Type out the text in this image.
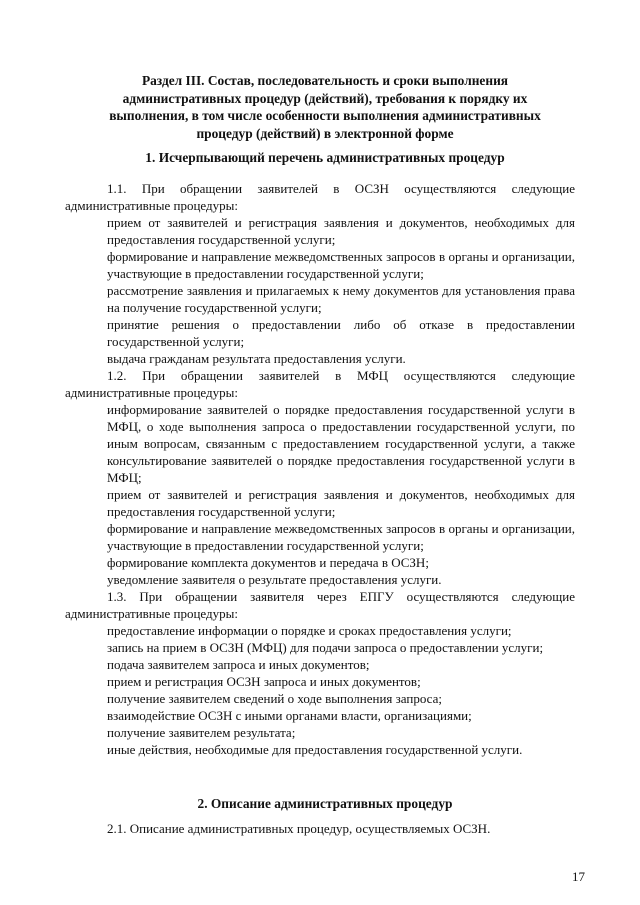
Раздел III. Состав, последовательность и сроки выполнения
административных процедур (действий), требования к порядку их
выполнения, в том числе особенности выполнения административных
процедур (действий) в электронной форме
1. Исчерпывающий перечень административных процедур

1.1. При обращении заявителей в ОСЗН осуществляются следующие административные процедуры:

прием от заявителей и регистрация заявления и документов, необходимых для предоставления государственной услуги;

формирование и направление межведомственных запросов в органы и организации, участвующие в предоставлении государственной услуги;

рассмотрение заявления и прилагаемых к нему документов для установления права на получение государственной услуги;

принятие решения о предоставлении либо об отказе в предоставлении государственной услуги;

выдача гражданам результата предоставления услуги.

1.2. При обращении заявителей в МФЦ осуществляются следующие административные процедуры:

информирование заявителей о порядке предоставления государственной услуги в МФЦ, о ходе выполнения запроса о предоставлении государственной услуги, по иным вопросам, связанным с предоставлением государственной услуги, а также консультирование заявителей о порядке предоставления государственной услуги в МФЦ;

прием от заявителей и регистрация заявления и документов, необходимых для предоставления государственной услуги;

формирование и направление межведомственных запросов в органы и организации, участвующие в предоставлении государственной услуги;

формирование комплекта документов и передача в ОСЗН;

уведомление заявителя о результате предоставления услуги.

1.3. При обращении заявителя через ЕПГУ осуществляются следующие административные процедуры:

предоставление информации о порядке и сроках предоставления услуги;

запись на прием в ОСЗН (МФЦ) для подачи запроса о предоставлении услуги;

подача заявителем запроса и иных документов;

прием и регистрация ОСЗН запроса и иных документов;

получение заявителем сведений о ходе выполнения запроса;

взаимодействие ОСЗН с иными органами власти, организациями;

получение заявителем результата;

иные действия, необходимые для предоставления государственной услуги.

2. Описание административных процедур

2.1. Описание административных процедур, осуществляемых ОСЗН.

17
